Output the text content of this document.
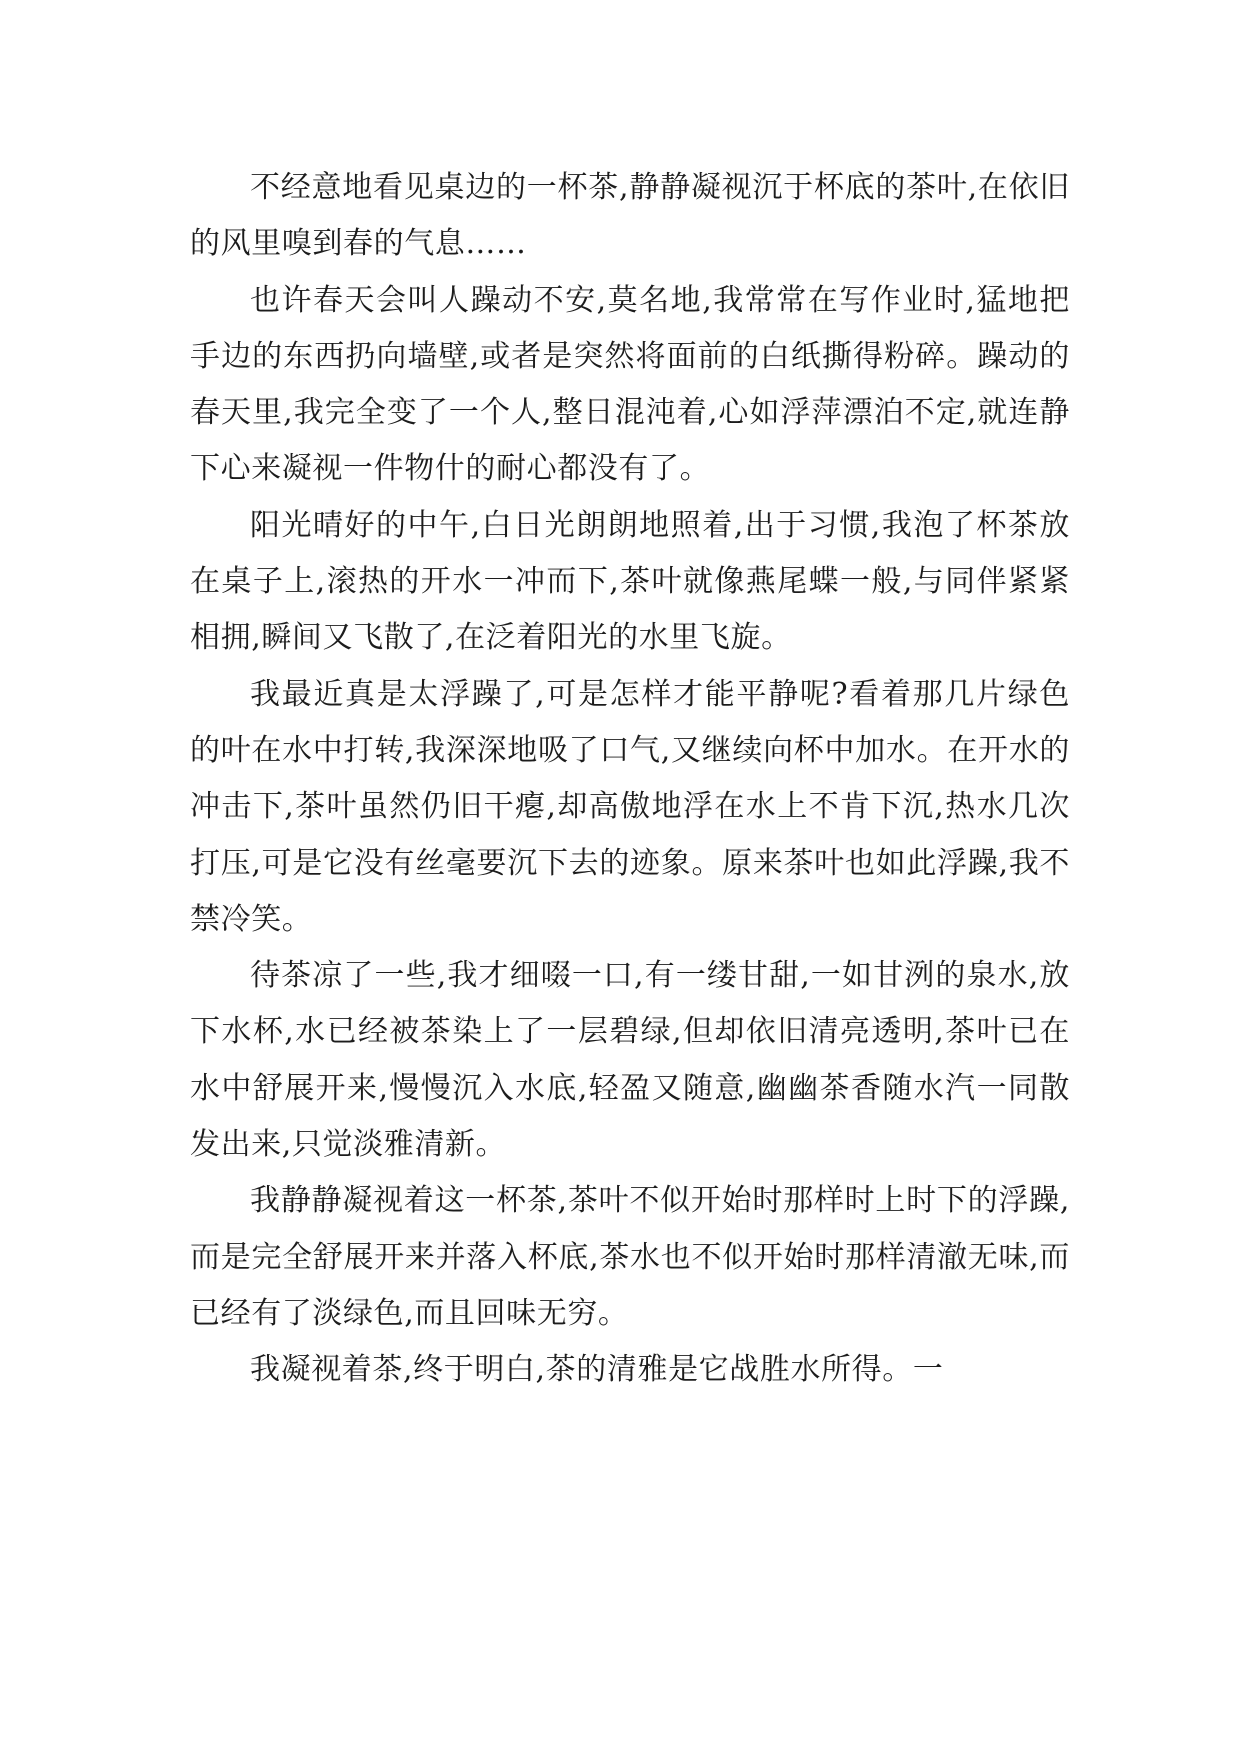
不经意地看见桌边的一杯茶,静静凝视沉于杯底的茶叶,在依旧的风里嗅到春的气息……

也许春天会叫人躁动不安,莫名地,我常常在写作业时,猛地把手边的东西扔向墙壁,或者是突然将面前的白纸撕得粉碎。躁动的春天里,我完全变了一个人,整日混沌着,心如浮萍漂泊不定,就连静下心来凝视一件物什的耐心都没有了。

阳光晴好的中午,白日光朗朗地照着,出于习惯,我泡了杯茶放在桌子上,滚热的开水一冲而下,茶叶就像燕尾蝶一般,与同伴紧紧相拥,瞬间又飞散了,在泛着阳光的水里飞旋。

我最近真是太浮躁了,可是怎样才能平静呢?看着那几片绿色的叶在水中打转,我深深地吸了口气,又继续向杯中加水。在开水的冲击下,茶叶虽然仍旧干瘪,却高傲地浮在水上不肯下沉,热水几次打压,可是它没有丝毫要沉下去的迹象。原来茶叶也如此浮躁,我不禁冷笑。

待茶凉了一些,我才细啜一口,有一缕甘甜,一如甘洌的泉水,放下水杯,水已经被茶染上了一层碧绿,但却依旧清亮透明,茶叶已在水中舒展开来,慢慢沉入水底,轻盈又随意,幽幽茶香随水汽一同散发出来,只觉淡雅清新。

我静静凝视着这一杯茶,茶叶不似开始时那样时上时下的浮躁,而是完全舒展开来并落入杯底,茶水也不似开始时那样清澈无味,而已经有了淡绿色,而且回味无穷。

我凝视着茶,终于明白,茶的清雅是它战胜水所得。一
